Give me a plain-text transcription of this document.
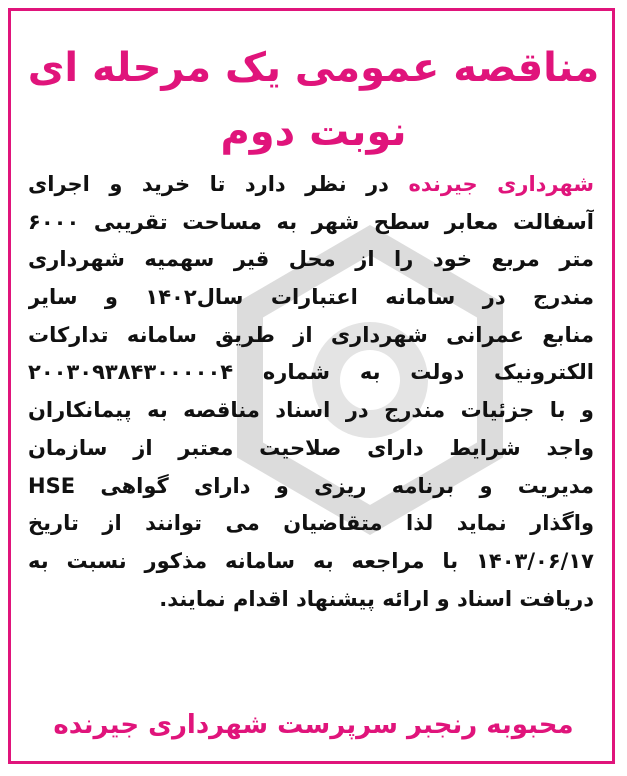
مناقصه عمومی یک مرحله ای
نوبت دوم
شهرداری جیرنده در نظر دارد تا خرید و اجرای
آسفالت معابر سطح شهر به مساحت تقریبی ۶۰۰۰
متر مربع خود را از محل قیر سهمیه شهرداری
مندرج در سامانه اعتبارات سال۱۴۰۲ و سایر
منابع عمرانی شهرداری از طریق سامانه تدارکات
الکترونیک دولت به شماره ۲۰۰۳۰۹۳۸۴۳۰۰۰۰۰۴
و با جزئیات مندرج در اسناد مناقصه به پیمانکاران
واجد شرایط دارای صلاحیت معتبر از سازمان
مدیریت و برنامه ریزی و دارای گواهی HSE
واگذار نماید لذا متقاضیان می توانند از تاریخ
۱۴۰۳/۰۶/۱۷ با مراجعه به سامانه مذکور نسبت به
دریافت اسناد و ارائه پیشنهاد اقدام نمایند.
محبوبه رنجبر سرپرست شهرداری جیرنده
